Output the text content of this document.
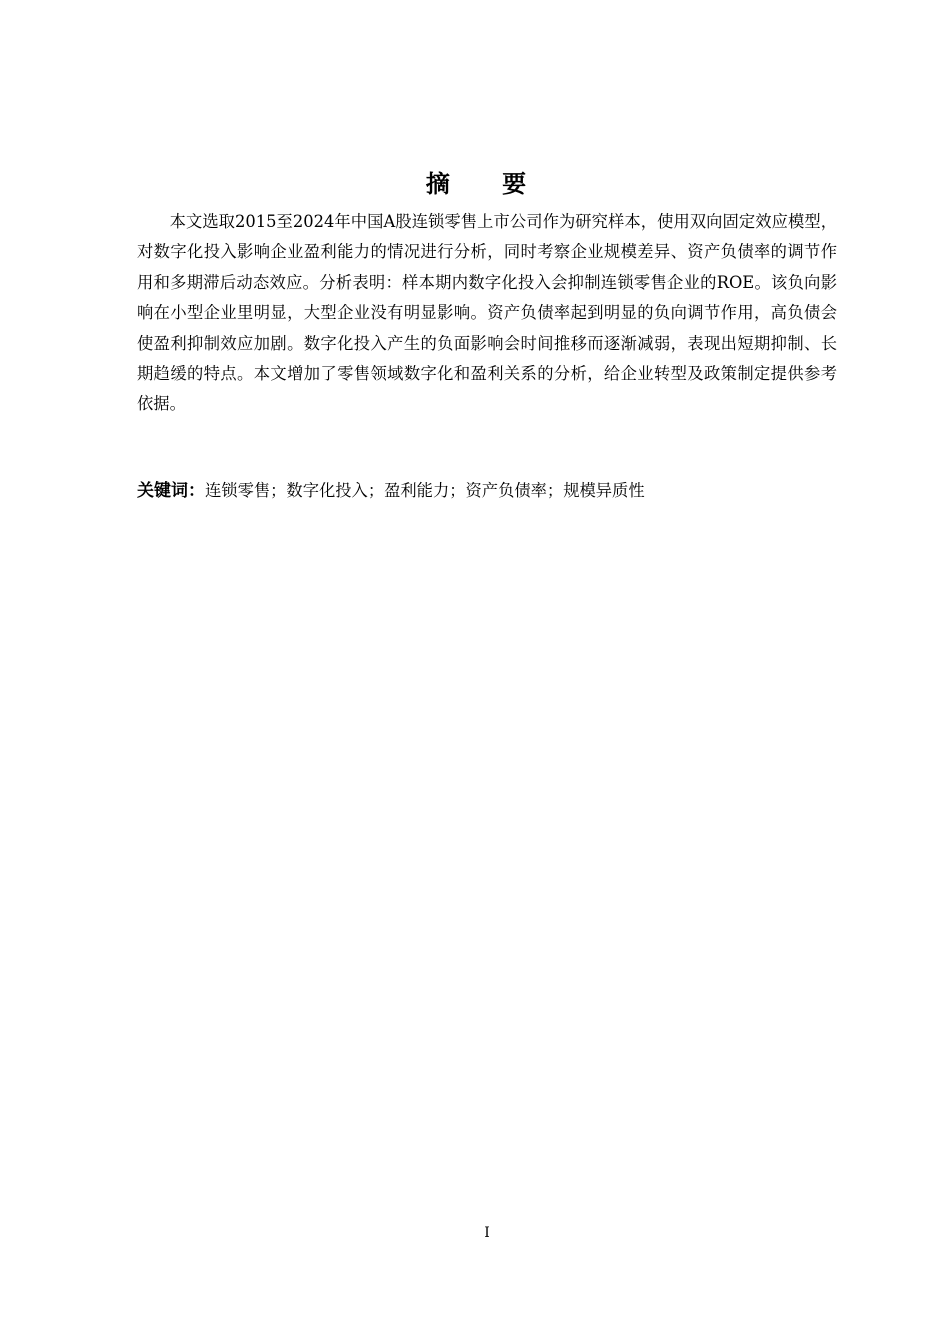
摘 要

本文选取2015至2024年中国A股连锁零售上市公司作为研究样本，使用双向固定效应模型，对数字化投入影响企业盈利能力的情况进行分析，同时考察企业规模差异、资产负债率的调节作用和多期滞后动态效应。分析表明：样本期内数字化投入会抑制连锁零售企业的ROE。该负向影响在小型企业里明显，大型企业没有明显影响。资产负债率起到明显的负向调节作用，高负债会使盈利抑制效应加剧。数字化投入产生的负面影响会时间推移而逐渐减弱，表现出短期抑制、长期趋缓的特点。本文增加了零售领域数字化和盈利关系的分析，给企业转型及政策制定提供参考依据。

关键词：连锁零售；数字化投入；盈利能力；资产负债率；规模异质性

I
